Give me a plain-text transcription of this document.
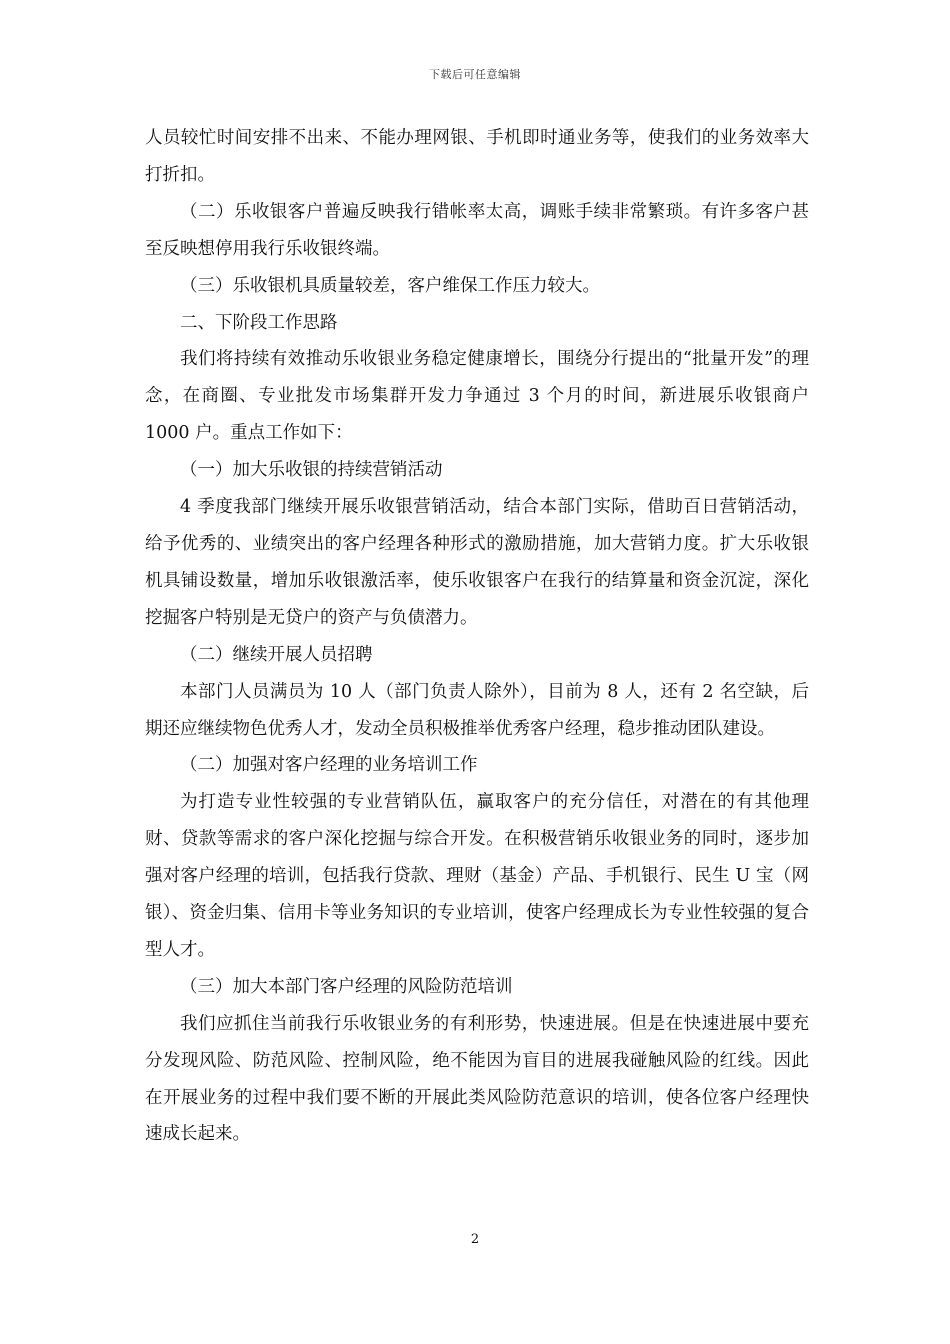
下载后可任意编辑

人员较忙时间安排不出来、不能办理网银、手机即时通业务等，使我们的业务效率大打折扣。

（二）乐收银客户普遍反映我行错帐率太高，调账手续非常繁琐。有许多客户甚至反映想停用我行乐收银终端。

（三）乐收银机具质量较差，客户维保工作压力较大。

二、下阶段工作思路

我们将持续有效推动乐收银业务稳定健康增长，围绕分行提出的“批量开发”的理念，在商圈、专业批发市场集群开发力争通过 3 个月的时间，新进展乐收银商户 1000 户。重点工作如下：

（一）加大乐收银的持续营销活动

4 季度我部门继续开展乐收银营销活动，结合本部门实际，借助百日营销活动，给予优秀的、业绩突出的客户经理各种形式的激励措施，加大营销力度。扩大乐收银机具铺设数量，增加乐收银激活率，使乐收银客户在我行的结算量和资金沉淀，深化挖掘客户特别是无贷户的资产与负债潜力。

（二）继续开展人员招聘

本部门人员满员为 10 人（部门负责人除外），目前为 8 人，还有 2 名空缺，后期还应继续物色优秀人才，发动全员积极推举优秀客户经理，稳步推动团队建设。

（二）加强对客户经理的业务培训工作

为打造专业性较强的专业营销队伍，赢取客户的充分信任，对潜在的有其他理财、贷款等需求的客户深化挖掘与综合开发。在积极营销乐收银业务的同时，逐步加强对客户经理的培训，包括我行贷款、理财（基金）产品、手机银行、民生 U 宝（网银）、资金归集、信用卡等业务知识的专业培训，使客户经理成长为专业性较强的复合型人才。

（三）加大本部门客户经理的风险防范培训

我们应抓住当前我行乐收银业务的有利形势，快速进展。但是在快速进展中要充分发现风险、防范风险、控制风险，绝不能因为盲目的进展我碰触风险的红线。因此在开展业务的过程中我们要不断的开展此类风险防范意识的培训，使各位客户经理快速成长起来。

2
